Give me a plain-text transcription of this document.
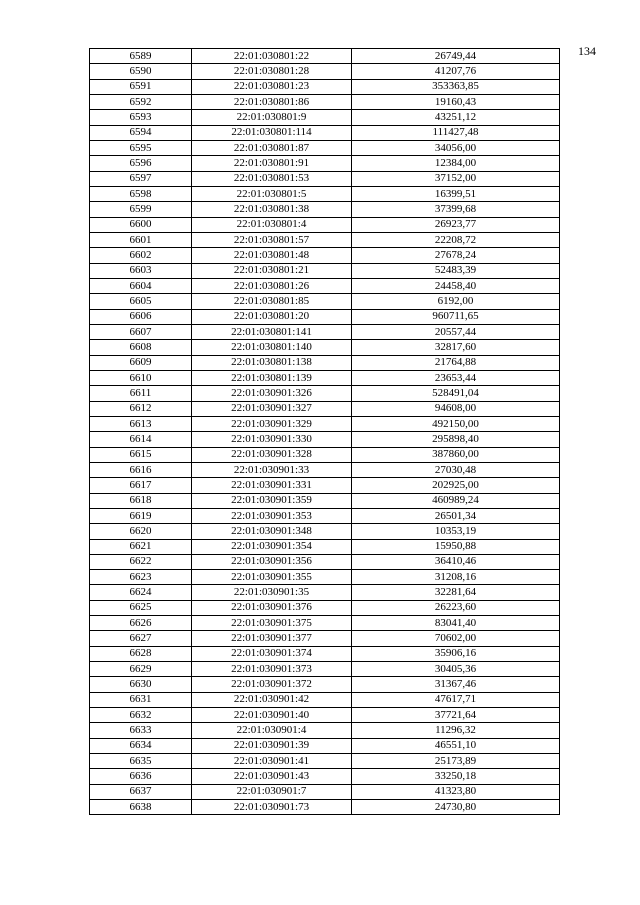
134
6589	22:01:030801:22	26749,44
6590	22:01:030801:28	41207,76
6591	22:01:030801:23	353363,85
6592	22:01:030801:86	19160,43
6593	22:01:030801:9	43251,12
6594	22:01:030801:114	111427,48
6595	22:01:030801:87	34056,00
6596	22:01:030801:91	12384,00
6597	22:01:030801:53	37152,00
6598	22:01:030801:5	16399,51
6599	22:01:030801:38	37399,68
6600	22:01:030801:4	26923,77
6601	22:01:030801:57	22208,72
6602	22:01:030801:48	27678,24
6603	22:01:030801:21	52483,39
6604	22:01:030801:26	24458,40
6605	22:01:030801:85	6192,00
6606	22:01:030801:20	960711,65
6607	22:01:030801:141	20557,44
6608	22:01:030801:140	32817,60
6609	22:01:030801:138	21764,88
6610	22:01:030801:139	23653,44
6611	22:01:030901:326	528491,04
6612	22:01:030901:327	94608,00
6613	22:01:030901:329	492150,00
6614	22:01:030901:330	295898,40
6615	22:01:030901:328	387860,00
6616	22:01:030901:33	27030,48
6617	22:01:030901:331	202925,00
6618	22:01:030901:359	460989,24
6619	22:01:030901:353	26501,34
6620	22:01:030901:348	10353,19
6621	22:01:030901:354	15950,88
6622	22:01:030901:356	36410,46
6623	22:01:030901:355	31208,16
6624	22:01:030901:35	32281,64
6625	22:01:030901:376	26223,60
6626	22:01:030901:375	83041,40
6627	22:01:030901:377	70602,00
6628	22:01:030901:374	35906,16
6629	22:01:030901:373	30405,36
6630	22:01:030901:372	31367,46
6631	22:01:030901:42	47617,71
6632	22:01:030901:40	37721,64
6633	22:01:030901:4	11296,32
6634	22:01:030901:39	46551,10
6635	22:01:030901:41	25173,89
6636	22:01:030901:43	33250,18
6637	22:01:030901:7	41323,80
6638	22:01:030901:73	24730,80
